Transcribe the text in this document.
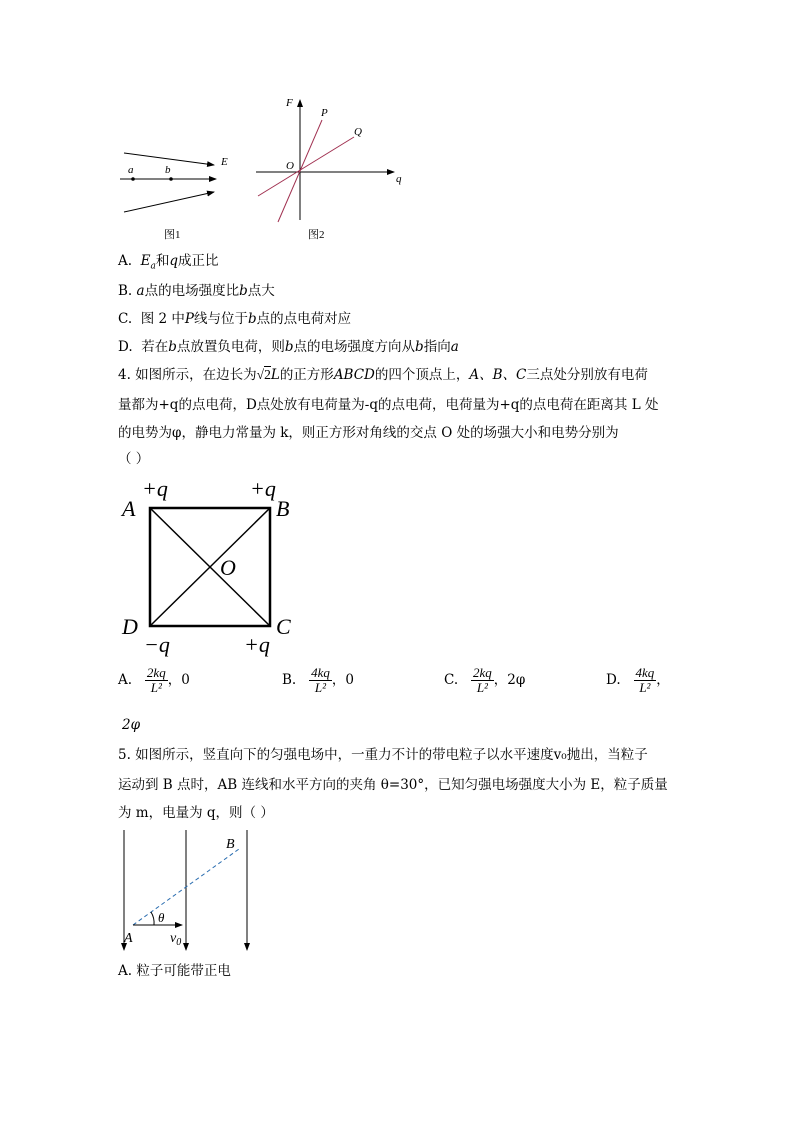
a	b
E
图1
F
P
Q
O
q
图2
A. $E_a$和q成正比
B. a点的电场强度比b点大
C. 图 2 中P线与位于b点的点电荷对应
D. 若在b点放置负电荷，则b点的电场强度方向从b指向a
4. 如图所示，在边长为√2L的正方形ABCD的四个顶点上，A、B、C三点处分别放有电荷
量都为+q的点电荷，D点处放有电荷量为-q的点电荷，电荷量为+q的点电荷在距离其 L 处
的电势为φ，静电力常量为 k，则正方形对角线的交点 O 处的场强大小和电势分别为
（ ）
A
+q
B
+q
O
D
−q
C
+q
A. $\frac{2kq}{\text{L²}}$ ，0	B. $\frac{4kq}{\text{L²}}$ ，0	C. $\frac{2kq}{\text{L²}}$ ，2φ	D. $\frac{4kq}{\text{L²}}$ ，
2φ
5. 如图所示，竖直向下的匀强电场中，一重力不计的带电粒子以水平速度v₀抛出，当粒子
运动到 B 点时，AB 连线和水平方向的夹角 θ=30°，已知匀强电场强度大小为 E，粒子质量
为 m，电量为 q，则（ ）
A
B
θ
$v_0$
A. 粒子可能带正电
